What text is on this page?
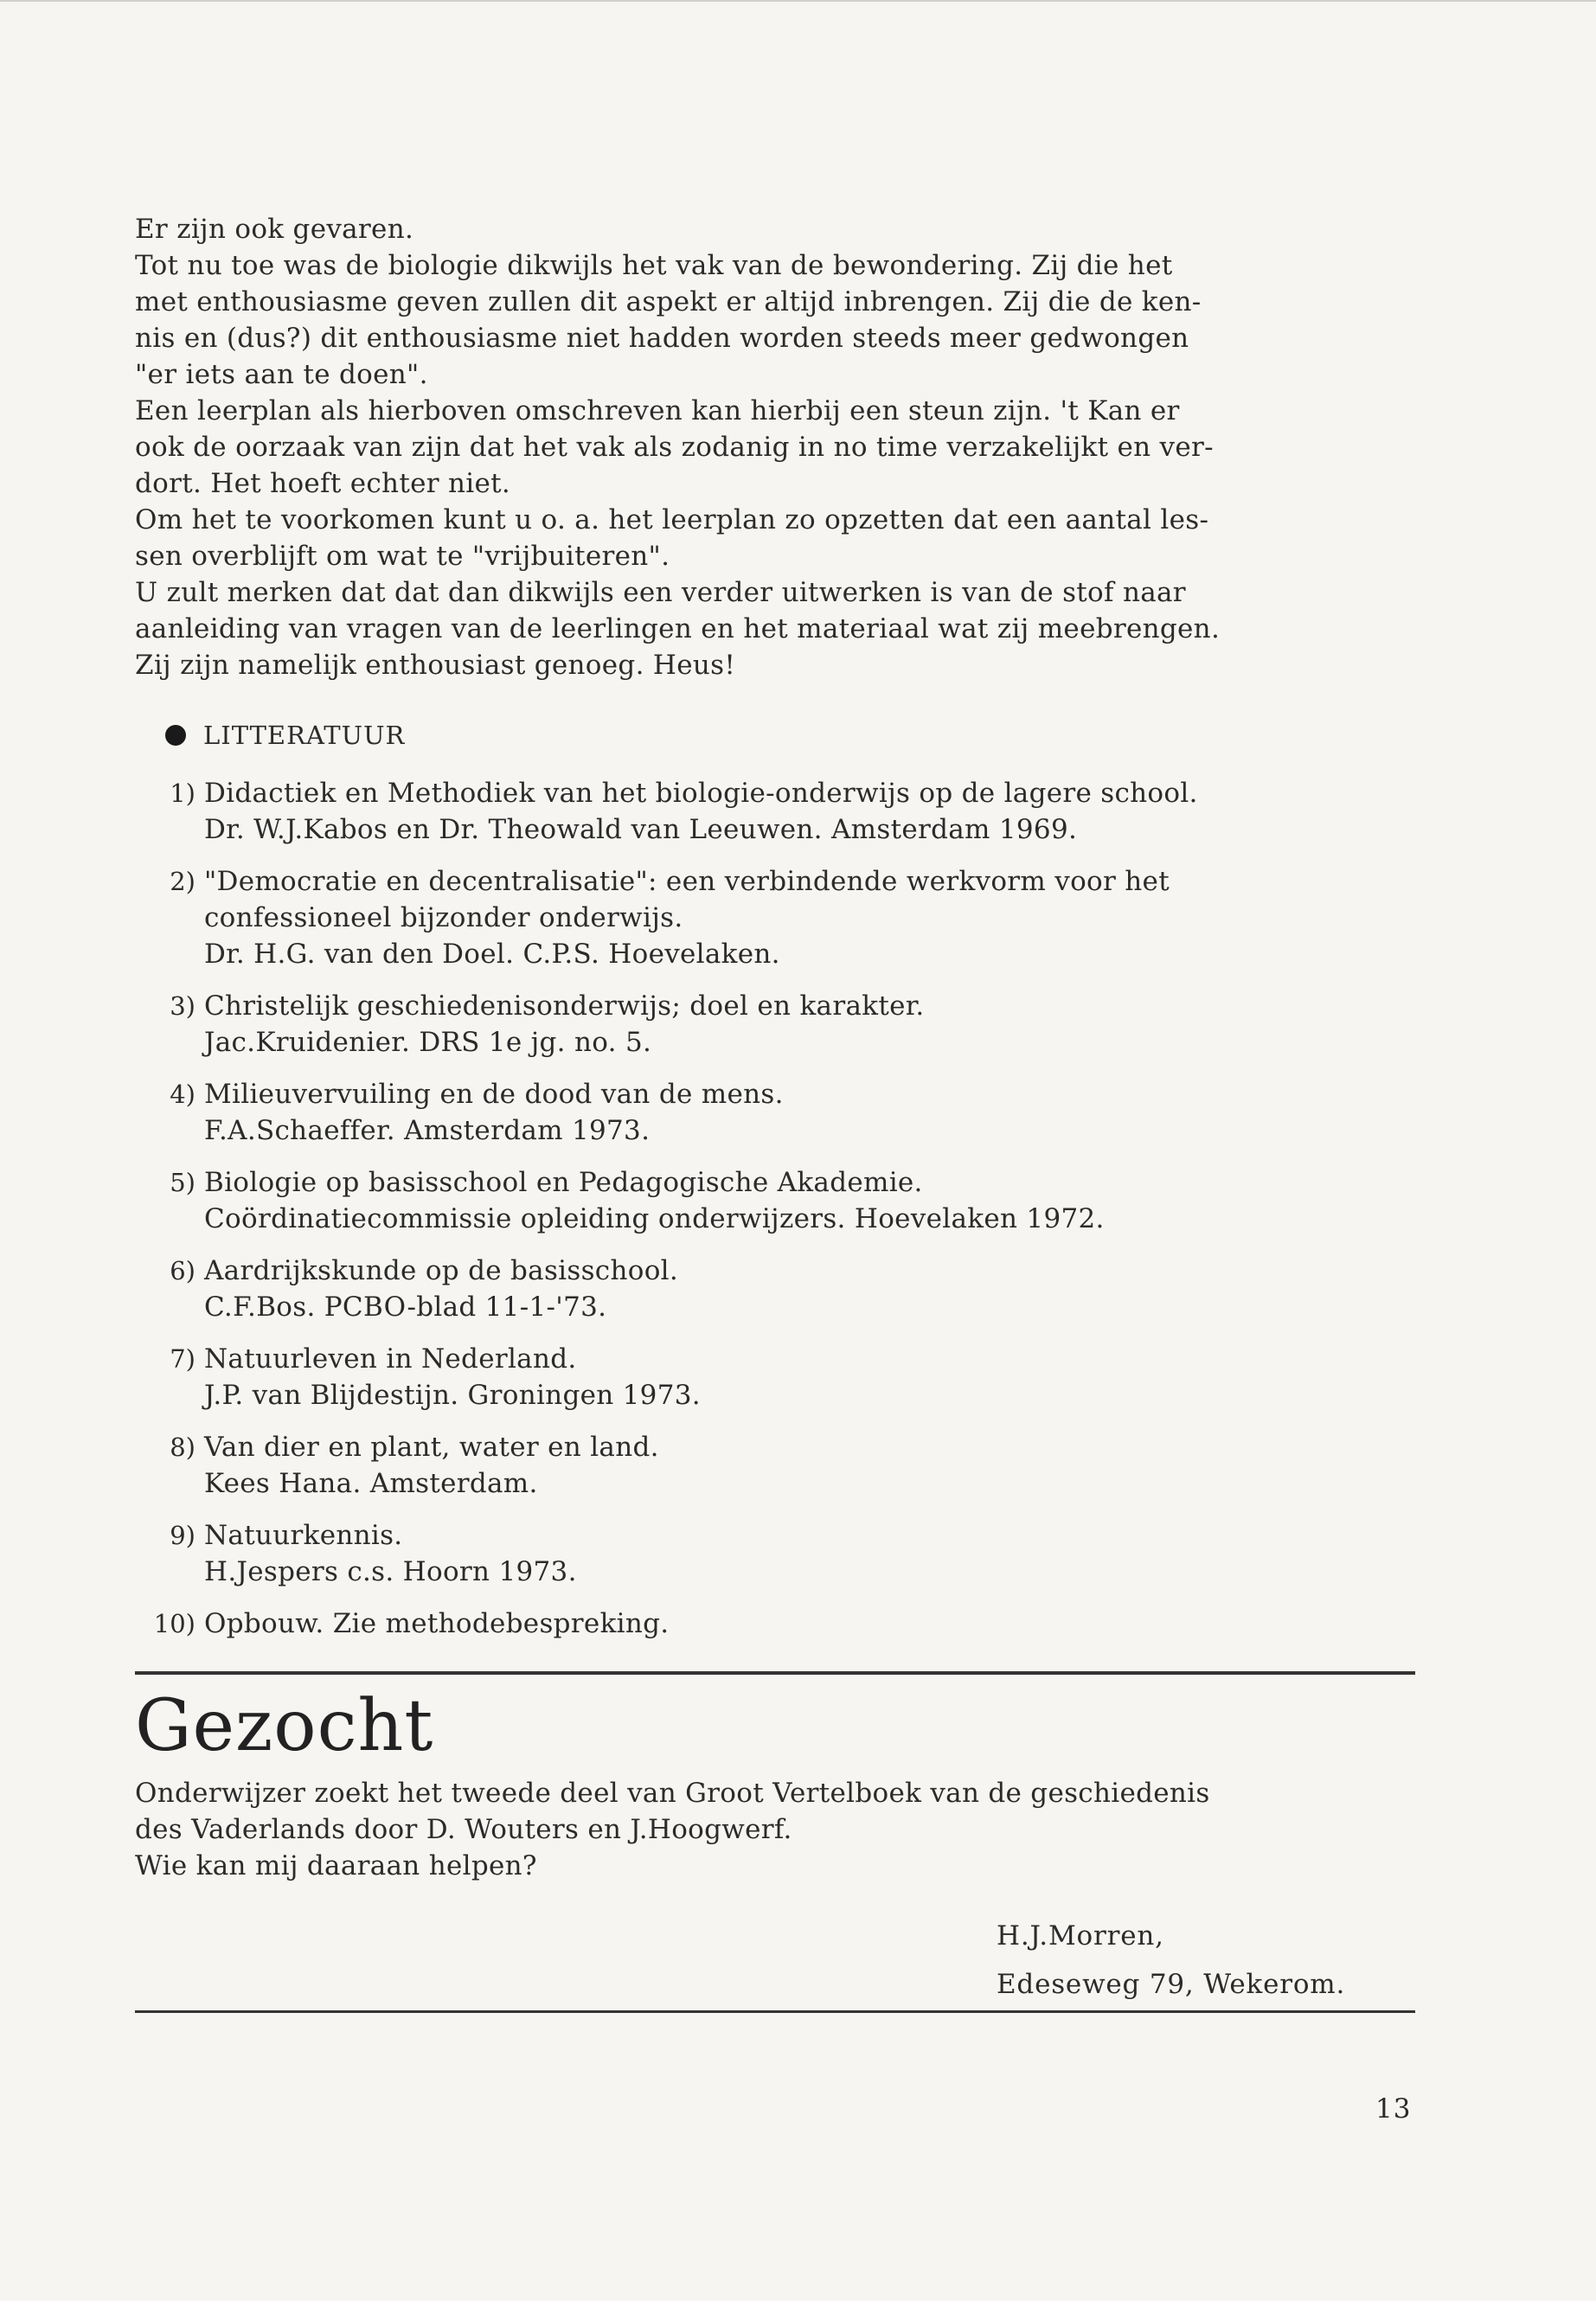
Er zijn ook gevaren.

Tot nu toe was de biologie dikwijls het vak van de bewondering. Zij die het

met enthousiasme geven zullen dit aspekt er altijd inbrengen. Zij die de ken-

nis en (dus?) dit enthousiasme niet hadden worden steeds meer gedwongen

"er iets aan te doen".

Een leerplan als hierboven omschreven kan hierbij een steun zijn. 't Kan er

ook de oorzaak van zijn dat het vak als zodanig in no time verzakelijkt en ver-

dort. Het hoeft echter niet.

Om het te voorkomen kunt u o. a. het leerplan zo opzetten dat een aantal les-

sen overblijft om wat te "vrijbuiteren".

U zult merken dat dat dan dikwijls een verder uitwerken is van de stof naar

aanleiding van vragen van de leerlingen en het materiaal wat zij meebrengen.

Zij zijn namelijk enthousiast genoeg. Heus!

LITTERATUUR
1) Didactiek en Methodiek van het biologie-onderwijs op de lagere school.
Dr. W.J.Kabos en Dr. Theowald van Leeuwen. Amsterdam 1969.
2) "Democratie en decentralisatie": een verbindende werkvorm voor het
confessioneel bijzonder onderwijs.
Dr. H.G. van den Doel. C.P.S. Hoevelaken.
3) Christelijk geschiedenisonderwijs; doel en karakter.
Jac.Kruidenier. DRS 1e jg. no. 5.
4) Milieuvervuiling en de dood van de mens.
F.A.Schaeffer. Amsterdam 1973.
5) Biologie op basisschool en Pedagogische Akademie.
Coördinatiecommissie opleiding onderwijzers. Hoevelaken 1972.
6) Aardrijkskunde op de basisschool.
C.F.Bos. PCBO-blad 11-1-'73.
7) Natuurleven in Nederland.
J.P. van Blijdestijn. Groningen 1973.
8) Van dier en plant, water en land.
Kees Hana. Amsterdam.
9) Natuurkennis.
H.Jespers c.s. Hoorn 1973.
10) Opbouw. Zie methodebespreking.
Gezocht

Onderwijzer zoekt het tweede deel van Groot Vertelboek van de geschiedenis

des Vaderlands door D. Wouters en J.Hoogwerf.

Wie kan mij daaraan helpen?

H.J.Morren,

Edeseweg 79, Wekerom.

13
